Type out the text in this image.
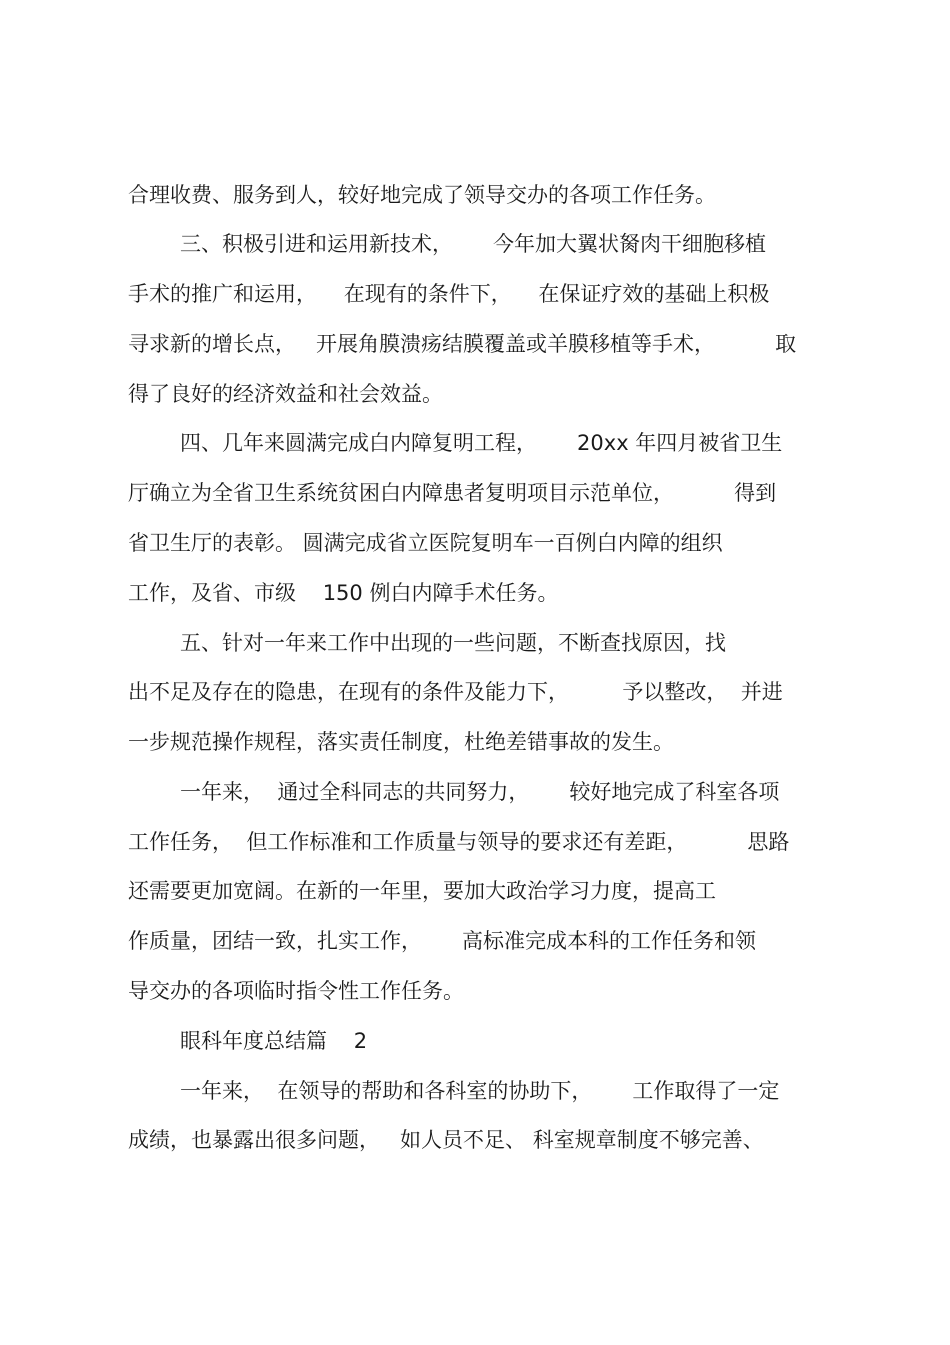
合理收费、服务到人，较好地完成了领导交办的各项工作任务。
三、积极引进和运用新技术，      今年加大翼状胬肉干细胞移植
手术的推广和运用，    在现有的条件下，    在保证疗效的基础上积极
寻求新的增长点，   开展角膜溃疡结膜覆盖或羊膜移植等手术，         取
得了良好的经济效益和社会效益。
四、几年来圆满完成白内障复明工程，      20xx 年四月被省卫生
厅确立为全省卫生系统贫困白内障患者复明项目示范单位，         得到
省卫生厅的表彰。 圆满完成省立医院复明车一百例白内障的组织
工作，及省、市级    150 例白内障手术任务。
五、针对一年来工作中出现的一些问题，不断查找原因，找
出不足及存在的隐患，在现有的条件及能力下，        予以整改，  并进
一步规范操作规程，落实责任制度，杜绝差错事故的发生。
一年来，  通过全科同志的共同努力，      较好地完成了科室各项
工作任务，  但工作标准和工作质量与领导的要求还有差距，         思路
还需要更加宽阔。在新的一年里，要加大政治学习力度，提高工
作质量，团结一致，扎实工作，      高标准完成本科的工作任务和领
导交办的各项临时指令性工作任务。
眼科年度总结篇    2
一年来，  在领导的帮助和各科室的协助下，      工作取得了一定
成绩，也暴露出很多问题，   如人员不足、 科室规章制度不够完善、
